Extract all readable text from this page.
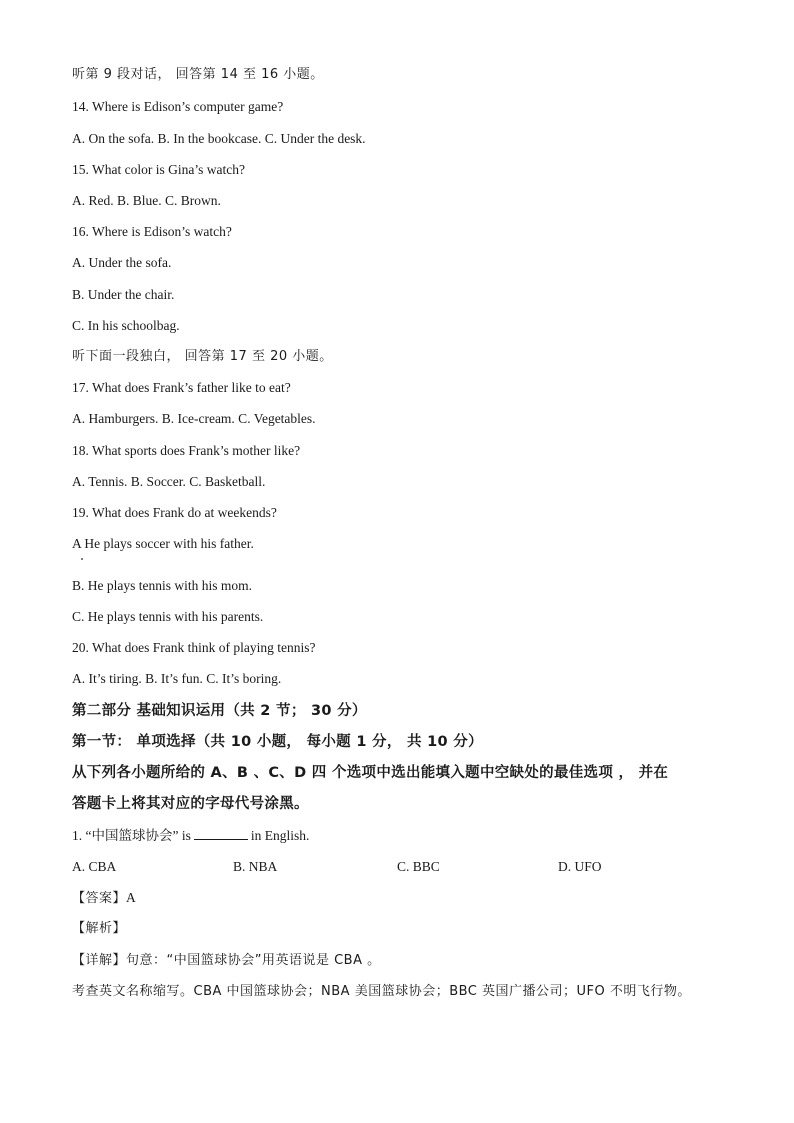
听第 9 段对话， 回答第 14 至 16 小题。
14. Where is Edison’s computer game?
A. On the sofa. B. In the bookcase. C. Under the desk.
15. What color is Gina’s watch?
A. Red. B. Blue. C. Brown.
16. Where is Edison’s watch?
A. Under the sofa.
B. Under the chair.
C. In his schoolbag.
听下面一段独白， 回答第 17 至 20 小题。
17. What does Frank’s father like to eat?
A. Hamburgers. B. Ice-cream. C. Vegetables.
18. What sports does Frank’s mother like?
A. Tennis. B. Soccer. C. Basketball.
19. What does Frank do at weekends?
A He plays soccer with his father.
B. He plays tennis with his mom.
C. He plays tennis with his parents.
20. What does Frank think of playing tennis?
A. It’s tiring. B. It’s fun. C. It’s boring.
第二部分 基础知识运用（共 2 节； 30 分）
第一节： 单项选择（共 10 小题， 每小题 1 分， 共 10 分）
从下列各小题所给的 A、B 、C、D 四 个选项中选出能填入题中空缺处的最佳选项 ， 并在
答题卡上将其对应的字母代号涂黑。
1. “中国篮球协会” is	in English.
A. CBA	B. NBA	C. BBC	D. UFO
【答案】A
【解析】
【详解】句意：“中国篮球协会”用英语说是 CBA 。
考查英文名称缩写。CBA 中国篮球协会；NBA 美国篮球协会；BBC 英国广播公司；UFO 不明飞行物。
